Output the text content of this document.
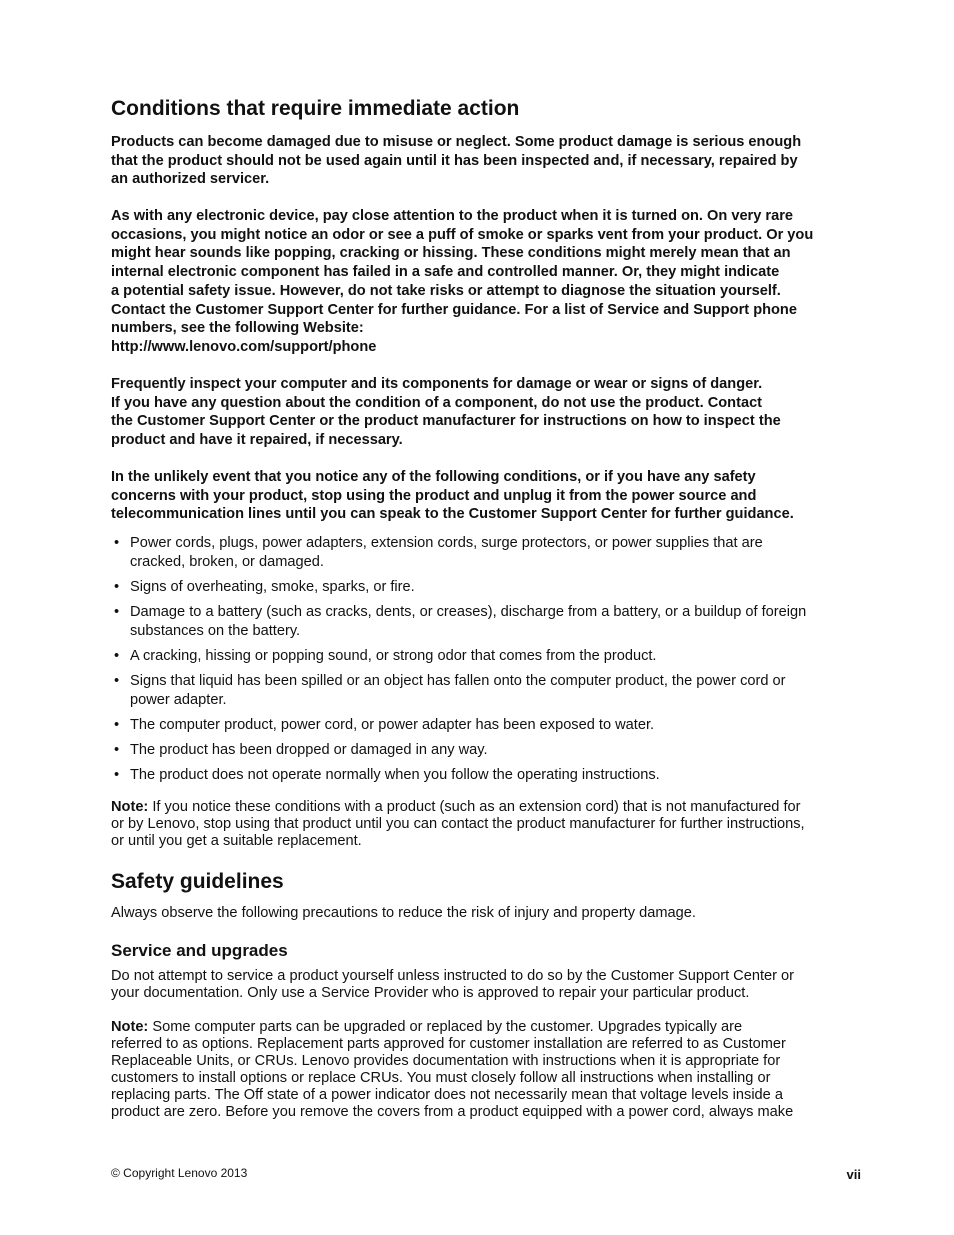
Conditions that require immediate action
Products can become damaged due to misuse or neglect. Some product damage is serious enough
that the product should not be used again until it has been inspected and, if necessary, repaired by
an authorized servicer.
As with any electronic device, pay close attention to the product when it is turned on. On very rare
occasions, you might notice an odor or see a puff of smoke or sparks vent from your product. Or you
might hear sounds like popping, cracking or hissing. These conditions might merely mean that an
internal electronic component has failed in a safe and controlled manner. Or, they might indicate
a potential safety issue. However, do not take risks or attempt to diagnose the situation yourself.
Contact the Customer Support Center for further guidance. For a list of Service and Support phone
numbers, see the following Website:
http://www.lenovo.com/support/phone
Frequently inspect your computer and its components for damage or wear or signs of danger.
If you have any question about the condition of a component, do not use the product. Contact
the Customer Support Center or the product manufacturer for instructions on how to inspect the
product and have it repaired, if necessary.
In the unlikely event that you notice any of the following conditions, or if you have any safety
concerns with your product, stop using the product and unplug it from the power source and
telecommunication lines until you can speak to the Customer Support Center for further guidance.
• Power cords, plugs, power adapters, extension cords, surge protectors, or power supplies that are
cracked, broken, or damaged.
• Signs of overheating, smoke, sparks, or fire.
• Damage to a battery (such as cracks, dents, or creases), discharge from a battery, or a buildup of foreign
substances on the battery.
• A cracking, hissing or popping sound, or strong odor that comes from the product.
• Signs that liquid has been spilled or an object has fallen onto the computer product, the power cord or
power adapter.
• The computer product, power cord, or power adapter has been exposed to water.
• The product has been dropped or damaged in any way.
• The product does not operate normally when you follow the operating instructions.
Note: If you notice these conditions with a product (such as an extension cord) that is not manufactured for
or by Lenovo, stop using that product until you can contact the product manufacturer for further instructions,
or until you get a suitable replacement.
Safety guidelines
Always observe the following precautions to reduce the risk of injury and property damage.
Service and upgrades
Do not attempt to service a product yourself unless instructed to do so by the Customer Support Center or
your documentation. Only use a Service Provider who is approved to repair your particular product.
Note: Some computer parts can be upgraded or replaced by the customer. Upgrades typically are
referred to as options. Replacement parts approved for customer installation are referred to as Customer
Replaceable Units, or CRUs. Lenovo provides documentation with instructions when it is appropriate for
customers to install options or replace CRUs. You must closely follow all instructions when installing or
replacing parts. The Off state of a power indicator does not necessarily mean that voltage levels inside a
product are zero. Before you remove the covers from a product equipped with a power cord, always make
© Copyright Lenovo 2013	vii
